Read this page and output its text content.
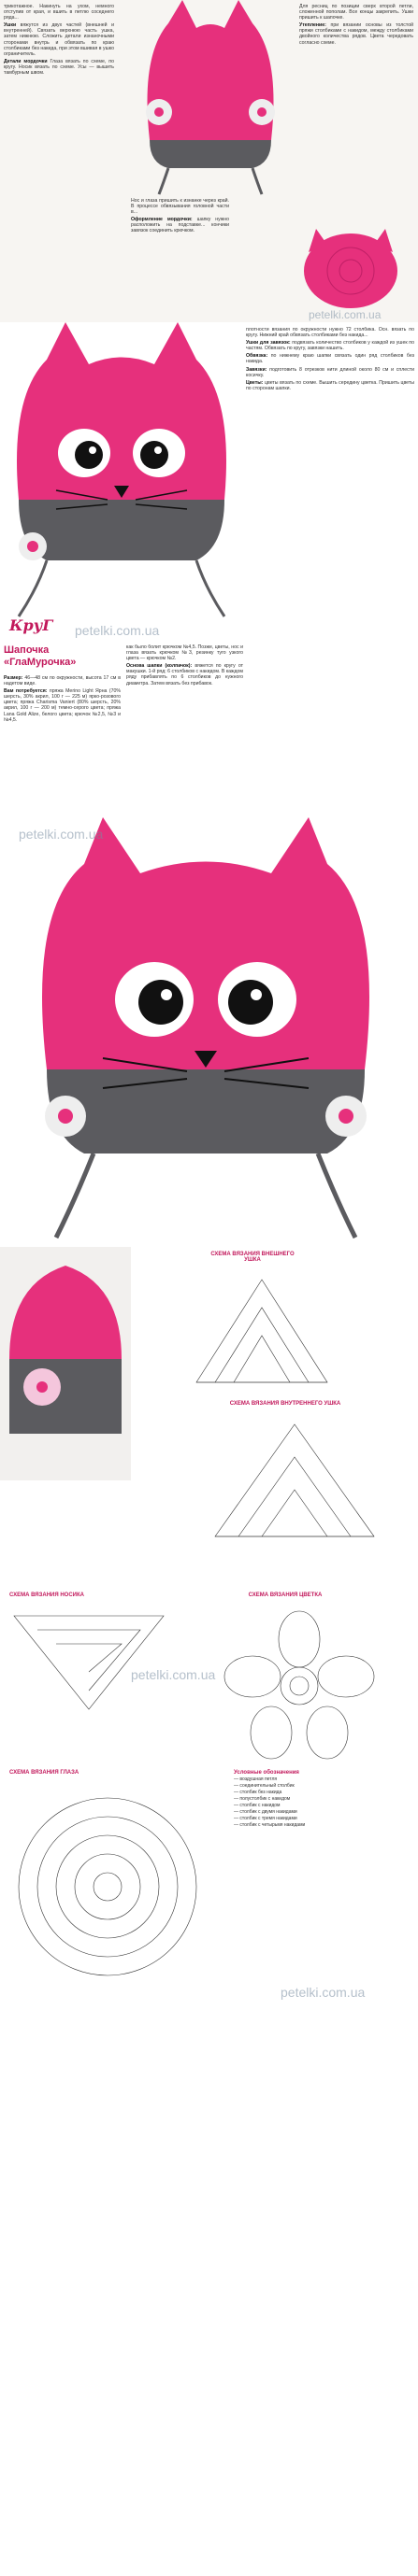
трикотажное. Накинуть на ухом, немного отступив от края, и вшить в петлю соседнего ряда...

Ушки вяжутся из двух частей (внешней и внутренней). Связать верхнюю часть ушка, затем нижнюю. Сложить детали изнаночными сторонами внутрь и обвязать по краю столбиками без накида, при этом вшивая в ушко ограничитель.

Детали мордочки Глаза вязать по схеме, по кругу. Носик вязать по схеме. Усы — вышить тамбурным швом.

Нос и глаза пришить к изнанке через край. В процессе обвязывания головной части в...

Оформление мордочки: шапку нужно расположить на подставке... кончики завязок соединить крючком.

Для ресниц по позиции сверх второй петли, сложенной пополам. Все концы закрепить. Ушки пришить к шапочке.

Утепление: при вязании основы из толстой пряжи столбиками с накидом, между столбиками двойного количества рядов. Цвета чередовать согласно схеме.

petelki.com.ua
КруГ petelki.com.ua

плотности вязания по окружности нужно 72 столбика. Осн. вязать по кругу. Нижний край обвязать столбиками без накида...

Ушки для завязок: подвязать количество столбиков у каждой из ушек по частям. Обвязать по кругу, завязки нашить.

Обвязка: по нижнему краю шапки связать один ряд столбиков без накида.

Завязки: подготовить 8 отрезков нити длиной около 80 см и сплести косичку.

Цветы: цветы вязать по схеме. Вышить середину цветка. Пришить цветы по сторонам шапки.

Шапочка «ГлаМурочка»

Размер: 46—48 см по окружности, высота 17 см в надетом виде.

Вам потребуется: пряжа Merino Light Ярна (70% шерсть, 30% акрил, 100 г — 225 м) ярко-розового цвета; пряжа Charisma Vaniert (80% шерсть, 20% акрил, 100 г — 200 м) темно-серого цвета; пряжа Lana Gold Alize, белого цвета; крючок №2,5, №3 и №4,5.

как было болит крючком №4,5. Позже, цветы, нос и глаза вязать крючком №3, резинку туго узкого цвета — крючком №2.

Основа шапки (колпачок): вяжется по кругу от макушки. 1-й ряд: 6 столбиков с накидом. В каждом ряду прибавлять по 6 столбиков до нужного диаметра. Затем вязать без прибавок.

petelki.com.ua
СХЕМА ВЯЗАНИЯ ВНЕШНЕГО УШКА
СХЕМА ВЯЗАНИЯ ВНУТРЕННЕГО УШКА
СХЕМА ВЯЗАНИЯ НОСИКА	СХЕМА ВЯЗАНИЯ ЦВЕТКА
petelki.com.ua
СХЕМА ВЯЗАНИЯ ГЛАЗА	Условные обозначения
— воздушная петля
— соединительный столбик
— столбик без накида
— полустолбик с накидом
— столбик с накидом
— столбик с двумя накидами
— столбик с тремя накидами
— столбик с четырьмя накидами
petelki.com.ua
